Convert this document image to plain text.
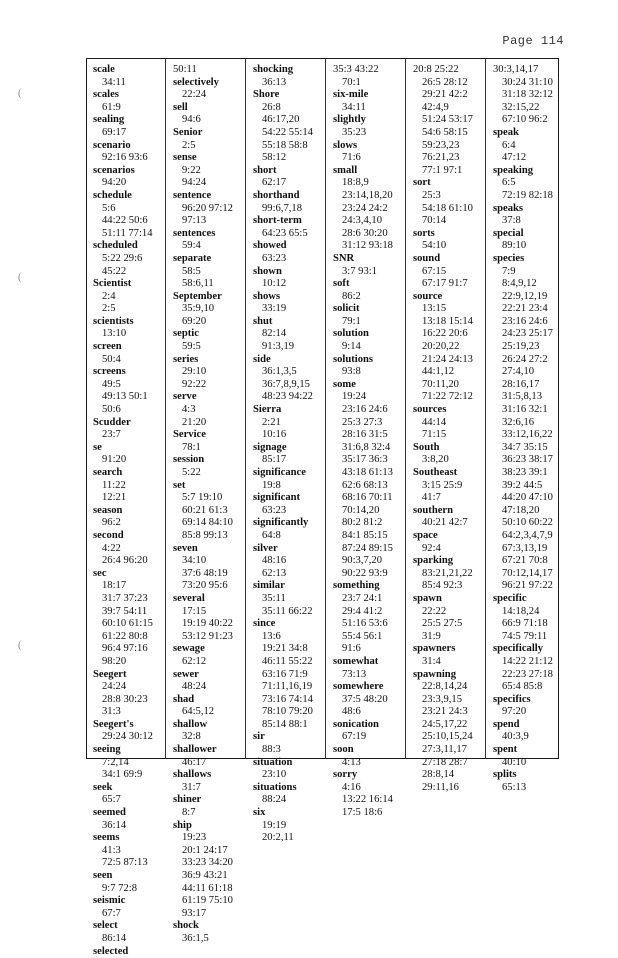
Page 114
(
(
(
scale
34:11
scales
61:9
sealing
69:17
scenario
92:16 93:6
scenarios
94:20
schedule
5:6
44:22 50:6
51:11 77:14
scheduled
5:22 29:6
45:22
Scientist
2:4
2:5
scientists
13:10
screen
50:4
screens
49:5
49:13 50:1
50:6
Scudder
23:7
se
91:20
search
11:22
12:21
season
96:2
second
4:22
26:4 96:20
sec
18:17
31:7 37:23
39:7 54:11
60:10 61:15
61:22 80:8
96:4 97:16
98:20
Seegert
24:24
28:8 30:23
31:3
Seegert's
29:24 30:12
seeing
7:2,14
34:1 69:9
seek
65:7
seemed
36:14
seems
41:3
72:5 87:13
seen
9:7 72:8
seismic
67:7
select
86:14
selected
50:11
selectively
22:24
sell
94:6
Senior
2:5
sense
9:22
94:24
sentence
96:20 97:12
97:13
sentences
59:4
separate
58:5
58:6,11
September
35:9,10
69:20
septic
59:5
series
29:10
92:22
serve
4:3
21:20
Service
78:1
session
5:22
set
5:7 19:10
60:21 61:3
69:14 84:10
85:8 99:13
seven
34:10
37:6 48:19
73:20 95:6
several
17:15
19:19 40:22
53:12 91:23
sewage
62:12
sewer
48:24
shad
64:5,12
shallow
32:8
shallower
46:17
shallows
31:7
shiner
8:7
ship
19:23
20:1 24:17
33:23 34:20
36:9 43:21
44:11 61:18
61:19 75:10
93:17
shock
36:1,5
shocking
36:13
Shore
26:8
46:17,20
54:22 55:14
55:18 58:8
58:12
short
62:17
shorthand
99:6,7,18
short-term
64:23 65:5
showed
63:23
shown
10:12
shows
33:19
shut
82:14
91:3,19
side
36:1,3,5
36:7,8,9,15
48:23 94:22
Sierra
2:21
10:16
signage
85:17
significance
19:8
significant
63:23
significantly
64:8
silver
48:16
62:13
similar
35:11
35:11 66:22
since
13:6
19:21 34:8
46:11 55:22
63:16 71:9
71:11,16,19
73:16 74:14
78:10 79:20
85:14 88:1
sir
88:3
situation
23:10
situations
88:24
six
19:19
20:2,11
35:3 43:22
70:1
six-mile
34:11
slightly
35:23
slows
71:6
small
18:8,9
23:14,18,20
23:24 24:2
24:3,4,10
28:6 30:20
31:12 93:18
SNR
3:7 93:1
soft
86:2
solicit
79:1
solution
9:14
solutions
93:8
some
19:24
23:16 24:6
25:3 27:3
28:16 31:5
31:6,8 32:4
35:17 36:3
43:18 61:13
62:6 68:13
68:16 70:11
70:14,20
80:2 81:2
84:1 85:15
87:24 89:15
90:3,7,20
90:22 93:9
something
23:7 24:1
29:4 41:2
51:16 53:6
55:4 56:1
91:6
somewhat
73:13
somewhere
37:5 48:20
48:6
sonication
67:19
soon
4:13
sorry
4:16
13:22 16:14
17:5 18:6
20:8 25:22
26:5 28:12
29:21 42:2
42:4,9
51:24 53:17
54:6 58:15
59:23,23
76:21,23
77:1 97:1
sort
25:3
54:18 61:10
70:14
sorts
54:10
sound
67:15
67:17 91:7
source
13:15
13:18 15:14
16:22 20:6
20:20,22
21:24 24:13
44:1,12
70:11,20
71:22 72:12
sources
44:14
71:15
South
3:8,20
Southeast
3:15 25:9
41:7
southern
40:21 42:7
space
92:4
sparking
83:21,21,22
85:4 92:3
spawn
22:22
25:5 27:5
31:9
spawners
31:4
spawning
22:8,14,24
23:3,9,15
23:21 24:3
24:5,17,22
25:10,15,24
27:3,11,17
27:18 28:7
28:8,14
29:11,16
30:3,14,17
30:24 31:10
31:18 32:12
32:15,22
67:10 96:2
speak
6:4
47:12
speaking
6:5
72:19 82:18
speaks
37:8
special
89:10
species
7:9
8:4,9,12
22:9,12,19
22:21 23:4
23:16 24:6
24:23 25:17
25:19,23
26:24 27:2
27:4,10
28:16,17
31:5,8,13
31:16 32:1
32:6,16
33:12,16,22
34:7 35:15
36:23 38:17
38:23 39:1
39:2 44:5
44:20 47:10
47:18,20
50:10 60:22
64:2,3,4,7,9
67:3,13,19
67:21 70:8
70:12,14,17
96:21 97:22
specific
14:18,24
66:9 71:18
74:5 79:11
specifically
14:22 21:12
22:23 27:18
65:4 85:8
specifics
97:20
spend
40:3,9
spent
40:10
splits
65:13
